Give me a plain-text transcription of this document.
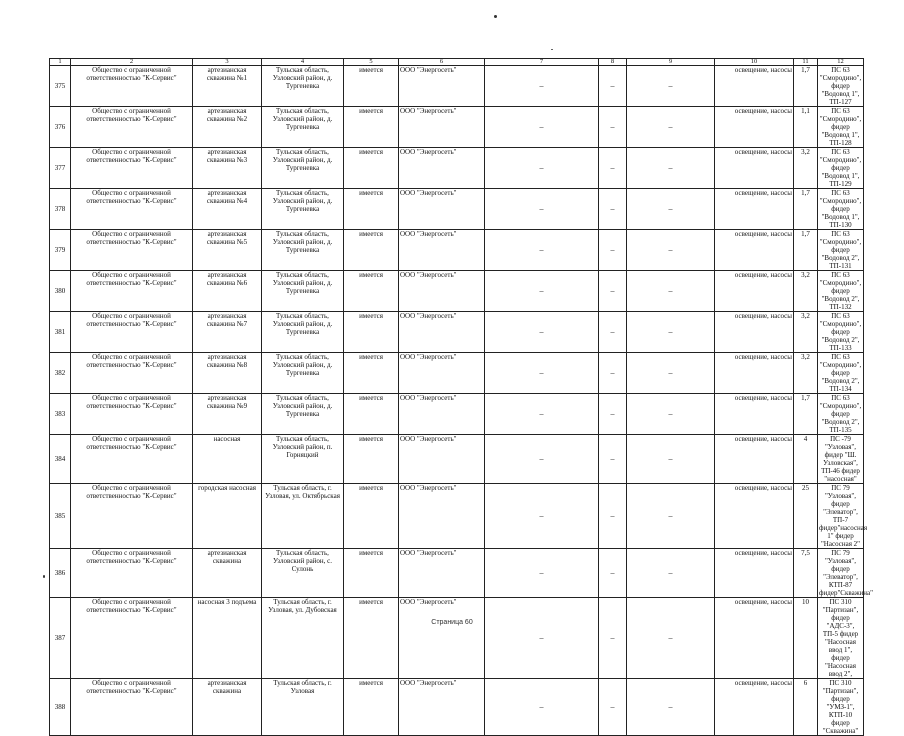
1	2	3	4	5	6	7	8	9	10	11	12
375	Общество с ограниченной ответственностью "К-Сервис"	артезианская скважина №1	Тульская область, Узловский район, д. Тургеневка	имеется	ООО "Энергосеть"	–	–	–	освещение, насосы	1,7	ПС 63 "Смородино", фидер "Водовод 1", ТП-127
376	Общество с ограниченной ответственностью "К-Сервис"	артезианская скважина №2	Тульская область, Узловский район, д. Тургеневка	имеется	ООО "Энергосеть"	–	–	–	освещение, насосы	1,1	ПС 63 "Смородино", фидер "Водовод 1", ТП-128
377	Общество с ограниченной ответственностью "К-Сервис"	артезианская скважина №3	Тульская область, Узловский район, д. Тургеневка	имеется	ООО "Энергосеть"	–	–	–	освещение, насосы	3,2	ПС 63 "Смородино", фидер "Водовод 1", ТП-129
378	Общество с ограниченной ответственностью "К-Сервис"	артезианская скважина №4	Тульская область, Узловский район, д. Тургеневка	имеется	ООО "Энергосеть"	–	–	–	освещение, насосы	1,7	ПС 63 "Смородино", фидер "Водовод 1", ТП-130
379	Общество с ограниченной ответственностью "К-Сервис"	артезианская скважина №5	Тульская область, Узловский район, д. Тургеневка	имеется	ООО "Энергосеть"	–	–	–	освещение, насосы	1,7	ПС 63 "Смородино", фидер "Водовод 2", ТП-131
380	Общество с ограниченной ответственностью "К-Сервис"	артезианская скважина №6	Тульская область, Узловский район, д. Тургеневка	имеется	ООО "Энергосеть"	–	–	–	освещение, насосы	3,2	ПС 63 "Смородино", фидер "Водовод 2", ТП-132
381	Общество с ограниченной ответственностью "К-Сервис"	артезианская скважина №7	Тульская область, Узловский район, д. Тургеневка	имеется	ООО "Энергосеть"	–	–	–	освещение, насосы	3,2	ПС 63 "Смородино", фидер "Водовод 2", ТП-133
382	Общество с ограниченной ответственностью "К-Сервис"	артезианская скважина №8	Тульская область, Узловский район, д. Тургеневка	имеется	ООО "Энергосеть"	–	–	–	освещение, насосы	3,2	ПС 63 "Смородино", фидер "Водовод 2", ТП-134
383	Общество с ограниченной ответственностью "К-Сервис"	артезианская скважина №9	Тульская область, Узловский район, д. Тургеневка	имеется	ООО "Энергосеть"	–	–	–	освещение, насосы	1,7	ПС 63 "Смородино", фидер "Водовод 2", ТП-135
384	Общество с ограниченной ответственностью "К-Сервис"	насосная	Тульская область, Узловский район, п. Горняцкий	имеется	ООО "Энергосеть"	–	–	–	освещение, насосы	4	ПС -79 "Узловая", фидер "Ш. Узловская", ТП-46 фидер "насосная"
385	Общество с ограниченной ответственностью "К-Сервис"	городская насосная	Тульская область, г. Узловая, ул. Октябрьская	имеется	ООО "Энергосеть"	–	–	–	освещение, насосы	25	ПС 79 "Узловая", фидер "Элеватор", ТП-7 фидер"насосная 1" фидер "Насосная 2"
386	Общество с ограниченной ответственностью "К-Сервис"	артезианская скважина	Тульская область, Узловский район, с. Сулонь	имеется	ООО "Энергосеть"	–	–	–	освещение, насосы	7,5	ПС 79 "Узловая", фидер "Элеватор", КТП-87 фидер"Скважина"
387	Общество с ограниченной ответственностью "К-Сервис"	насосная 3 подъема	Тульская область, г. Узловая, ул. Дубовская	имеется	ООО "Энергосеть"	–	–	–	освещение, насосы	10	ПС 310 "Партизан", фидер "АДС-3", ТП-5 фидер "Насосная ввод 1", фидер "Насосная ввод 2",
388	Общество с ограниченной ответственностью "К-Сервис"	артезианская скважина	Тульская область, г. Узловая	имеется	ООО "Энергосеть"	–	–	–	освещение, насосы	6	ПС 310 "Партизан", фидер "УМЗ-1", КТП-10 фидер "Скважина"
Страница 60
